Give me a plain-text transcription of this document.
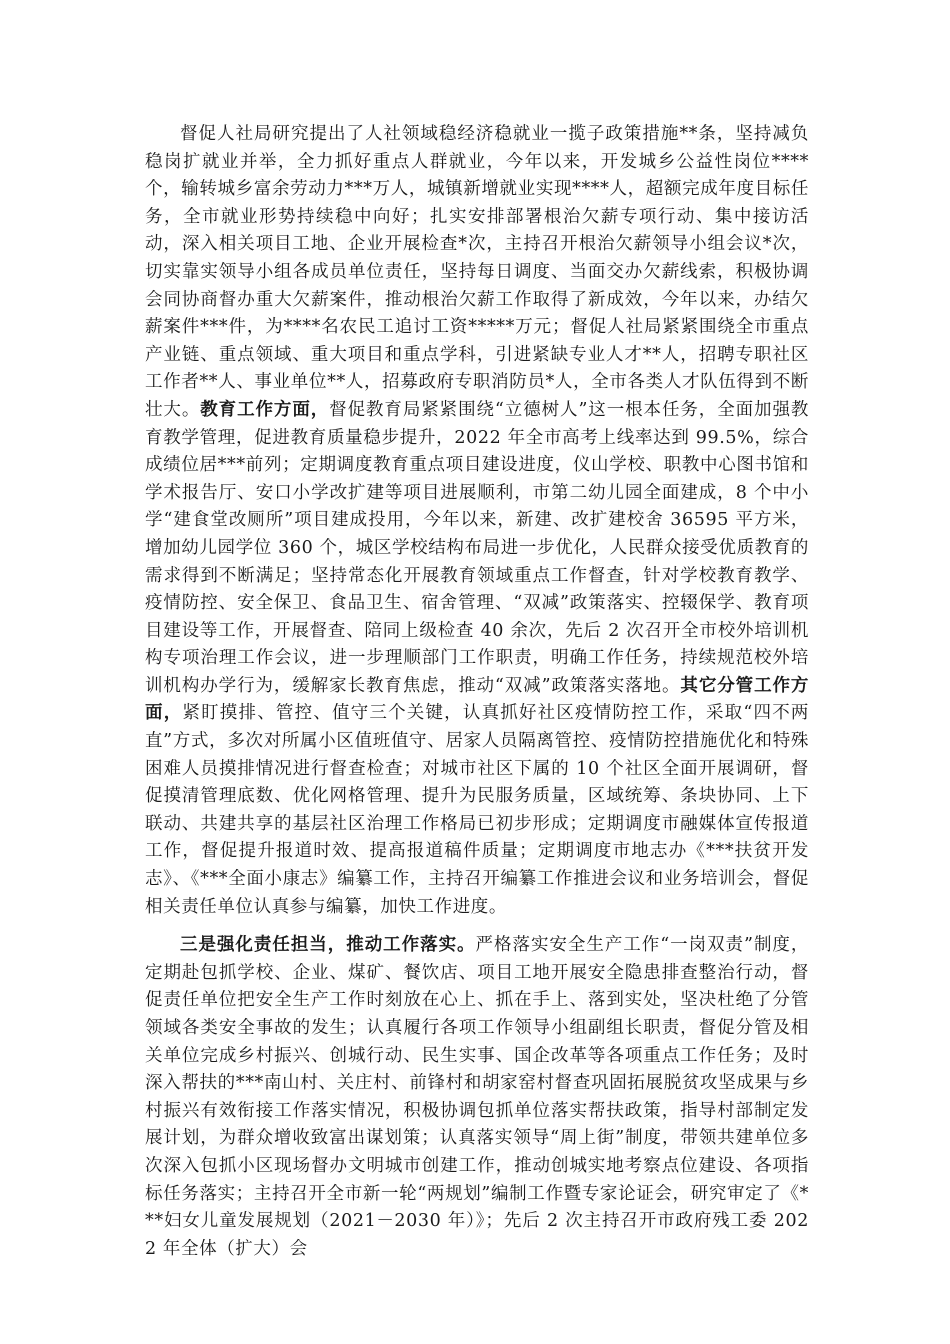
督促人社局研究提出了人社领域稳经济稳就业一揽子政策措施**条，坚持减负稳岗扩就业并举，全力抓好重点人群就业，今年以来，开发城乡公益性岗位****个，输转城乡富余劳动力***万人，城镇新增就业实现****人，超额完成年度目标任务，全市就业形势持续稳中向好；扎实安排部署根治欠薪专项行动、集中接访活动，深入相关项目工地、企业开展检查*次，主持召开根治欠薪领导小组会议*次，切实靠实领导小组各成员单位责任，坚持每日调度、当面交办欠薪线索，积极协调会同协商督办重大欠薪案件，推动根治欠薪工作取得了新成效，今年以来，办结欠薪案件***件，为****名农民工追讨工资*****万元；督促人社局紧紧围绕全市重点产业链、重点领域、重大项目和重点学科，引进紧缺专业人才**人，招聘专职社区工作者**人、事业单位**人，招募政府专职消防员*人，全市各类人才队伍得到不断壮大。教育工作方面，督促教育局紧紧围绕“立德树人”这一根本任务，全面加强教育教学管理，促进教育质量稳步提升，2022 年全市高考上线率达到 99.5%，综合成绩位居***前列；定期调度教育重点项目建设进度，仪山学校、职教中心图书馆和学术报告厅、安口小学改扩建等项目进展顺利，市第二幼儿园全面建成，8 个中小学“建食堂改厕所”项目建成投用，今年以来，新建、改扩建校舍 36595 平方米，增加幼儿园学位 360 个，城区学校结构布局进一步优化，人民群众接受优质教育的需求得到不断满足；坚持常态化开展教育领域重点工作督查，针对学校教育教学、疫情防控、安全保卫、食品卫生、宿舍管理、“双减”政策落实、控辍保学、教育项目建设等工作，开展督查、陪同上级检查 40 余次，先后 2 次召开全市校外培训机构专项治理工作会议，进一步理顺部门工作职责，明确工作任务，持续规范校外培训机构办学行为，缓解家长教育焦虑，推动“双减”政策落实落地。其它分管工作方面，紧盯摸排、管控、值守三个关键，认真抓好社区疫情防控工作，采取“四不两直”方式，多次对所属小区值班值守、居家人员隔离管控、疫情防控措施优化和特殊困难人员摸排情况进行督查检查；对城市社区下属的 10 个社区全面开展调研，督促摸清管理底数、优化网格管理、提升为民服务质量，区域统筹、条块协同、上下联动、共建共享的基层社区治理工作格局已初步形成；定期调度市融媒体宣传报道工作，督促提升报道时效、提高报道稿件质量；定期调度市地志办《***扶贫开发志》、《***全面小康志》编纂工作，主持召开编纂工作推进会议和业务培训会，督促相关责任单位认真参与编纂，加快工作进度。

三是强化责任担当，推动工作落实。严格落实安全生产工作“一岗双责”制度，定期赴包抓学校、企业、煤矿、餐饮店、项目工地开展安全隐患排查整治行动，督促责任单位把安全生产工作时刻放在心上、抓在手上、落到实处，坚决杜绝了分管领域各类安全事故的发生；认真履行各项工作领导小组副组长职责，督促分管及相关单位完成乡村振兴、创城行动、民生实事、国企改革等各项重点工作任务；及时深入帮扶的***南山村、关庄村、前锋村和胡家窑村督查巩固拓展脱贫攻坚成果与乡村振兴有效衔接工作落实情况，积极协调包抓单位落实帮扶政策，指导村部制定发展计划，为群众增收致富出谋划策；认真落实领导“周上街”制度，带领共建单位多次深入包抓小区现场督办文明城市创建工作，推动创城实地考察点位建设、各项指标任务落实；主持召开全市新一轮“两规划”编制工作暨专家论证会，研究审定了《***妇女儿童发展规划（2021－2030 年）》；先后 2 次主持召开市政府残工委 2022 年全体（扩大）会
